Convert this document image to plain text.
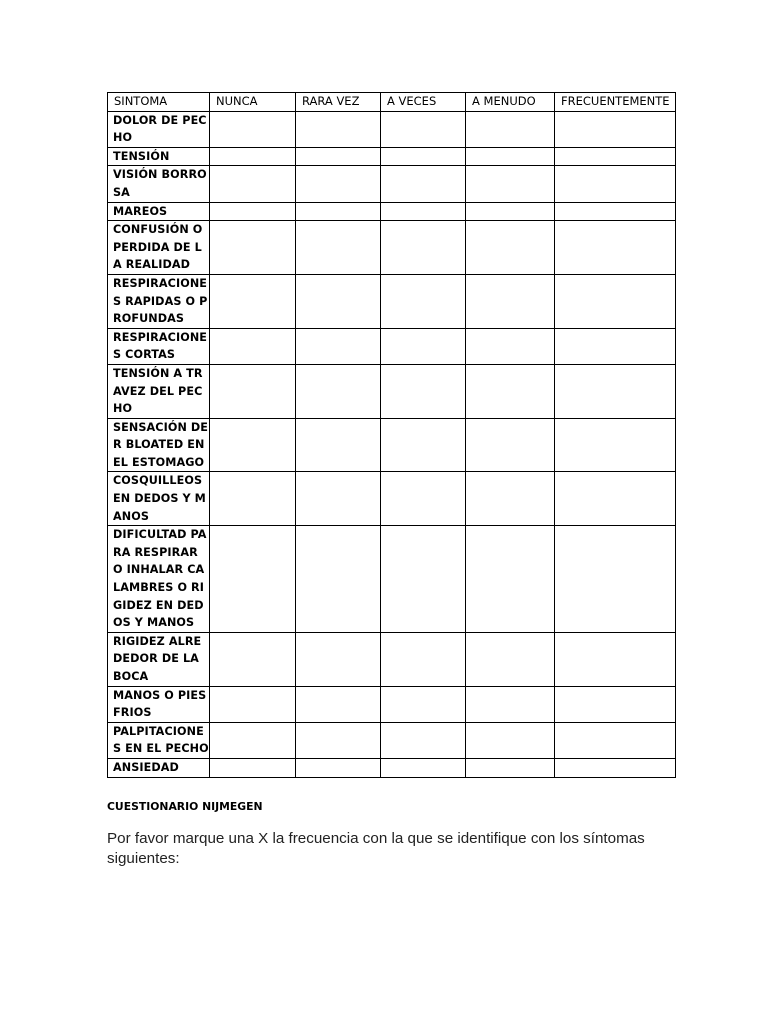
SINTOMA	NUNCA	RARA VEZ	A VECES	A MENUDO	FRECUENTEMENTE
DOLOR DE PECHO					
TENSIÓN					
VISIÓN BORROSA					
MAREOS					
CONFUSIÓN O PERDIDA DE LA REALIDAD					
RESPIRACIONES RAPIDAS O PROFUNDAS					
RESPIRACIONES CORTAS					
TENSIÓN A TRAVEZ DEL PECHO					
SENSACIÓN DER BLOATED EN EL ESTOMAGO					
COSQUILLEOS EN DEDOS Y MANOS					
DIFICULTAD PARA RESPIRAR O INHALAR CALAMBRES O RIGIDEZ EN DEDOS Y MANOS					
RIGIDEZ ALREDEDOR DE LA BOCA					
MANOS O PIES FRIOS					
PALPITACIONES EN EL PECHO					
ANSIEDAD					
CUESTIONARIO NIJMEGEN
Por favor marque una X la frecuencia con la que se identifique con los síntomas siguientes:
